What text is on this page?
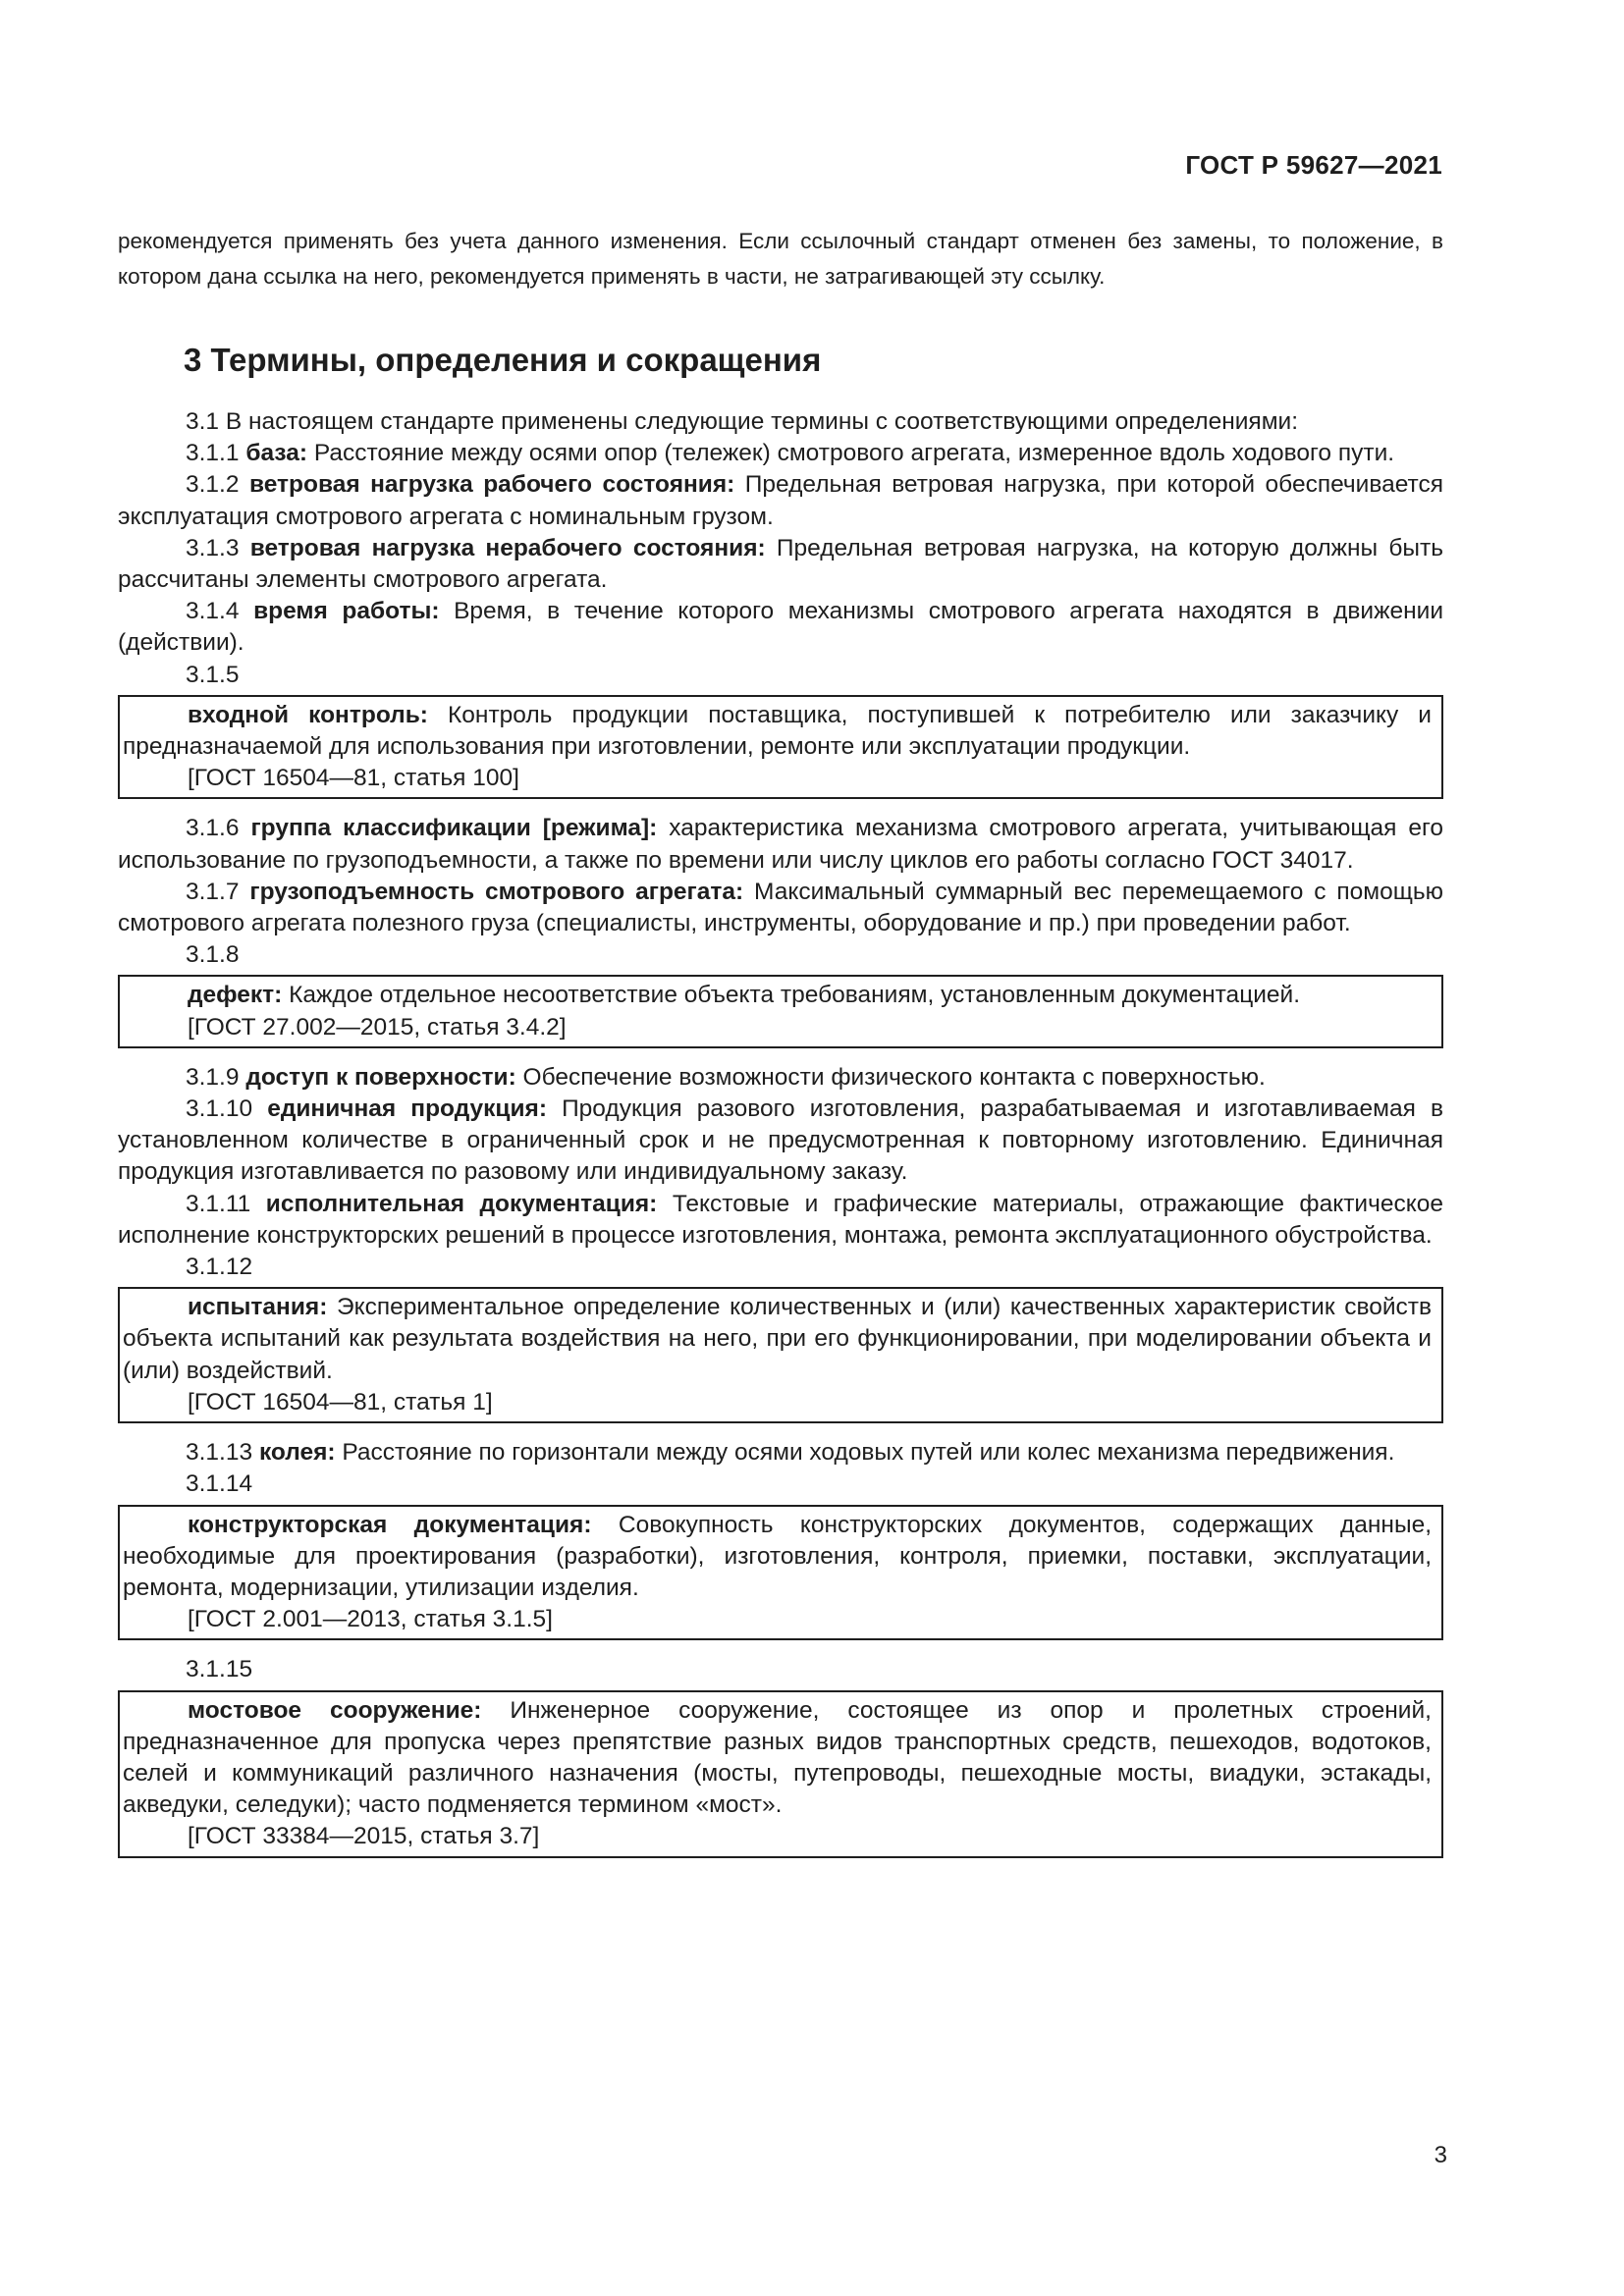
ГОСТ Р 59627—2021
рекомендуется применять без учета данного изменения. Если ссылочный стандарт отменен без замены, то положение, в котором дана ссылка на него, рекомендуется применять в части, не затрагивающей эту ссылку.
3 Термины, определения и сокращения

3.1 В настоящем стандарте применены следующие термины с соответствующими определениями:

3.1.1 база: Расстояние между осями опор (тележек) смотрового агрегата, измеренное вдоль ходового пути.

3.1.2 ветровая нагрузка рабочего состояния: Предельная ветровая нагрузка, при которой обеспечивается эксплуатация смотрового агрегата с номинальным грузом.

3.1.3 ветровая нагрузка нерабочего состояния: Предельная ветровая нагрузка, на которую должны быть рассчитаны элементы смотрового агрегата.

3.1.4 время работы: Время, в течение которого механизмы смотрового агрегата находятся в движении (действии).

3.1.5

входной контроль: Контроль продукции поставщика, поступившей к потребителю или заказчику и предназначаемой для использования при изготовлении, ремонте или эксплуатации продукции.

[ГОСТ 16504—81, статья 100]

3.1.6 группа классификации [режима]: характеристика механизма смотрового агрегата, учитывающая его использование по грузоподъемности, а также по времени или числу циклов его работы согласно ГОСТ 34017.

3.1.7 грузоподъемность смотрового агрегата: Максимальный суммарный вес перемещаемого с помощью смотрового агрегата полезного груза (специалисты, инструменты, оборудование и пр.) при проведении работ.

3.1.8

дефект: Каждое отдельное несоответствие объекта требованиям, установленным документацией.

[ГОСТ 27.002—2015, статья 3.4.2]

3.1.9 доступ к поверхности: Обеспечение возможности физического контакта с поверхностью.

3.1.10 единичная продукция: Продукция разового изготовления, разрабатываемая и изготавливаемая в установленном количестве в ограниченный срок и не предусмотренная к повторному изготовлению. Единичная продукция изготавливается по разовому или индивидуальному заказу.

3.1.11 исполнительная документация: Текстовые и графические материалы, отражающие фактическое исполнение конструкторских решений в процессе изготовления, монтажа, ремонта эксплуатационного обустройства.

3.1.12

испытания: Экспериментальное определение количественных и (или) качественных характеристик свойств объекта испытаний как результата воздействия на него, при его функционировании, при моделировании объекта и (или) воздействий.

[ГОСТ 16504—81, статья 1]

3.1.13 колея: Расстояние по горизонтали между осями ходовых путей или колес механизма передвижения.

3.1.14

конструкторская документация: Совокупность конструкторских документов, содержащих данные, необходимые для проектирования (разработки), изготовления, контроля, приемки, поставки, эксплуатации, ремонта, модернизации, утилизации изделия.

[ГОСТ 2.001—2013, статья 3.1.5]

3.1.15

мостовое сооружение: Инженерное сооружение, состоящее из опор и пролетных строений, предназначенное для пропуска через препятствие разных видов транспортных средств, пешеходов, водотоков, селей и коммуникаций различного назначения (мосты, путепроводы, пешеходные мосты, виадуки, эстакады, акведуки, селедуки); часто подменяется термином «мост».

[ГОСТ 33384—2015, статья 3.7]

3
